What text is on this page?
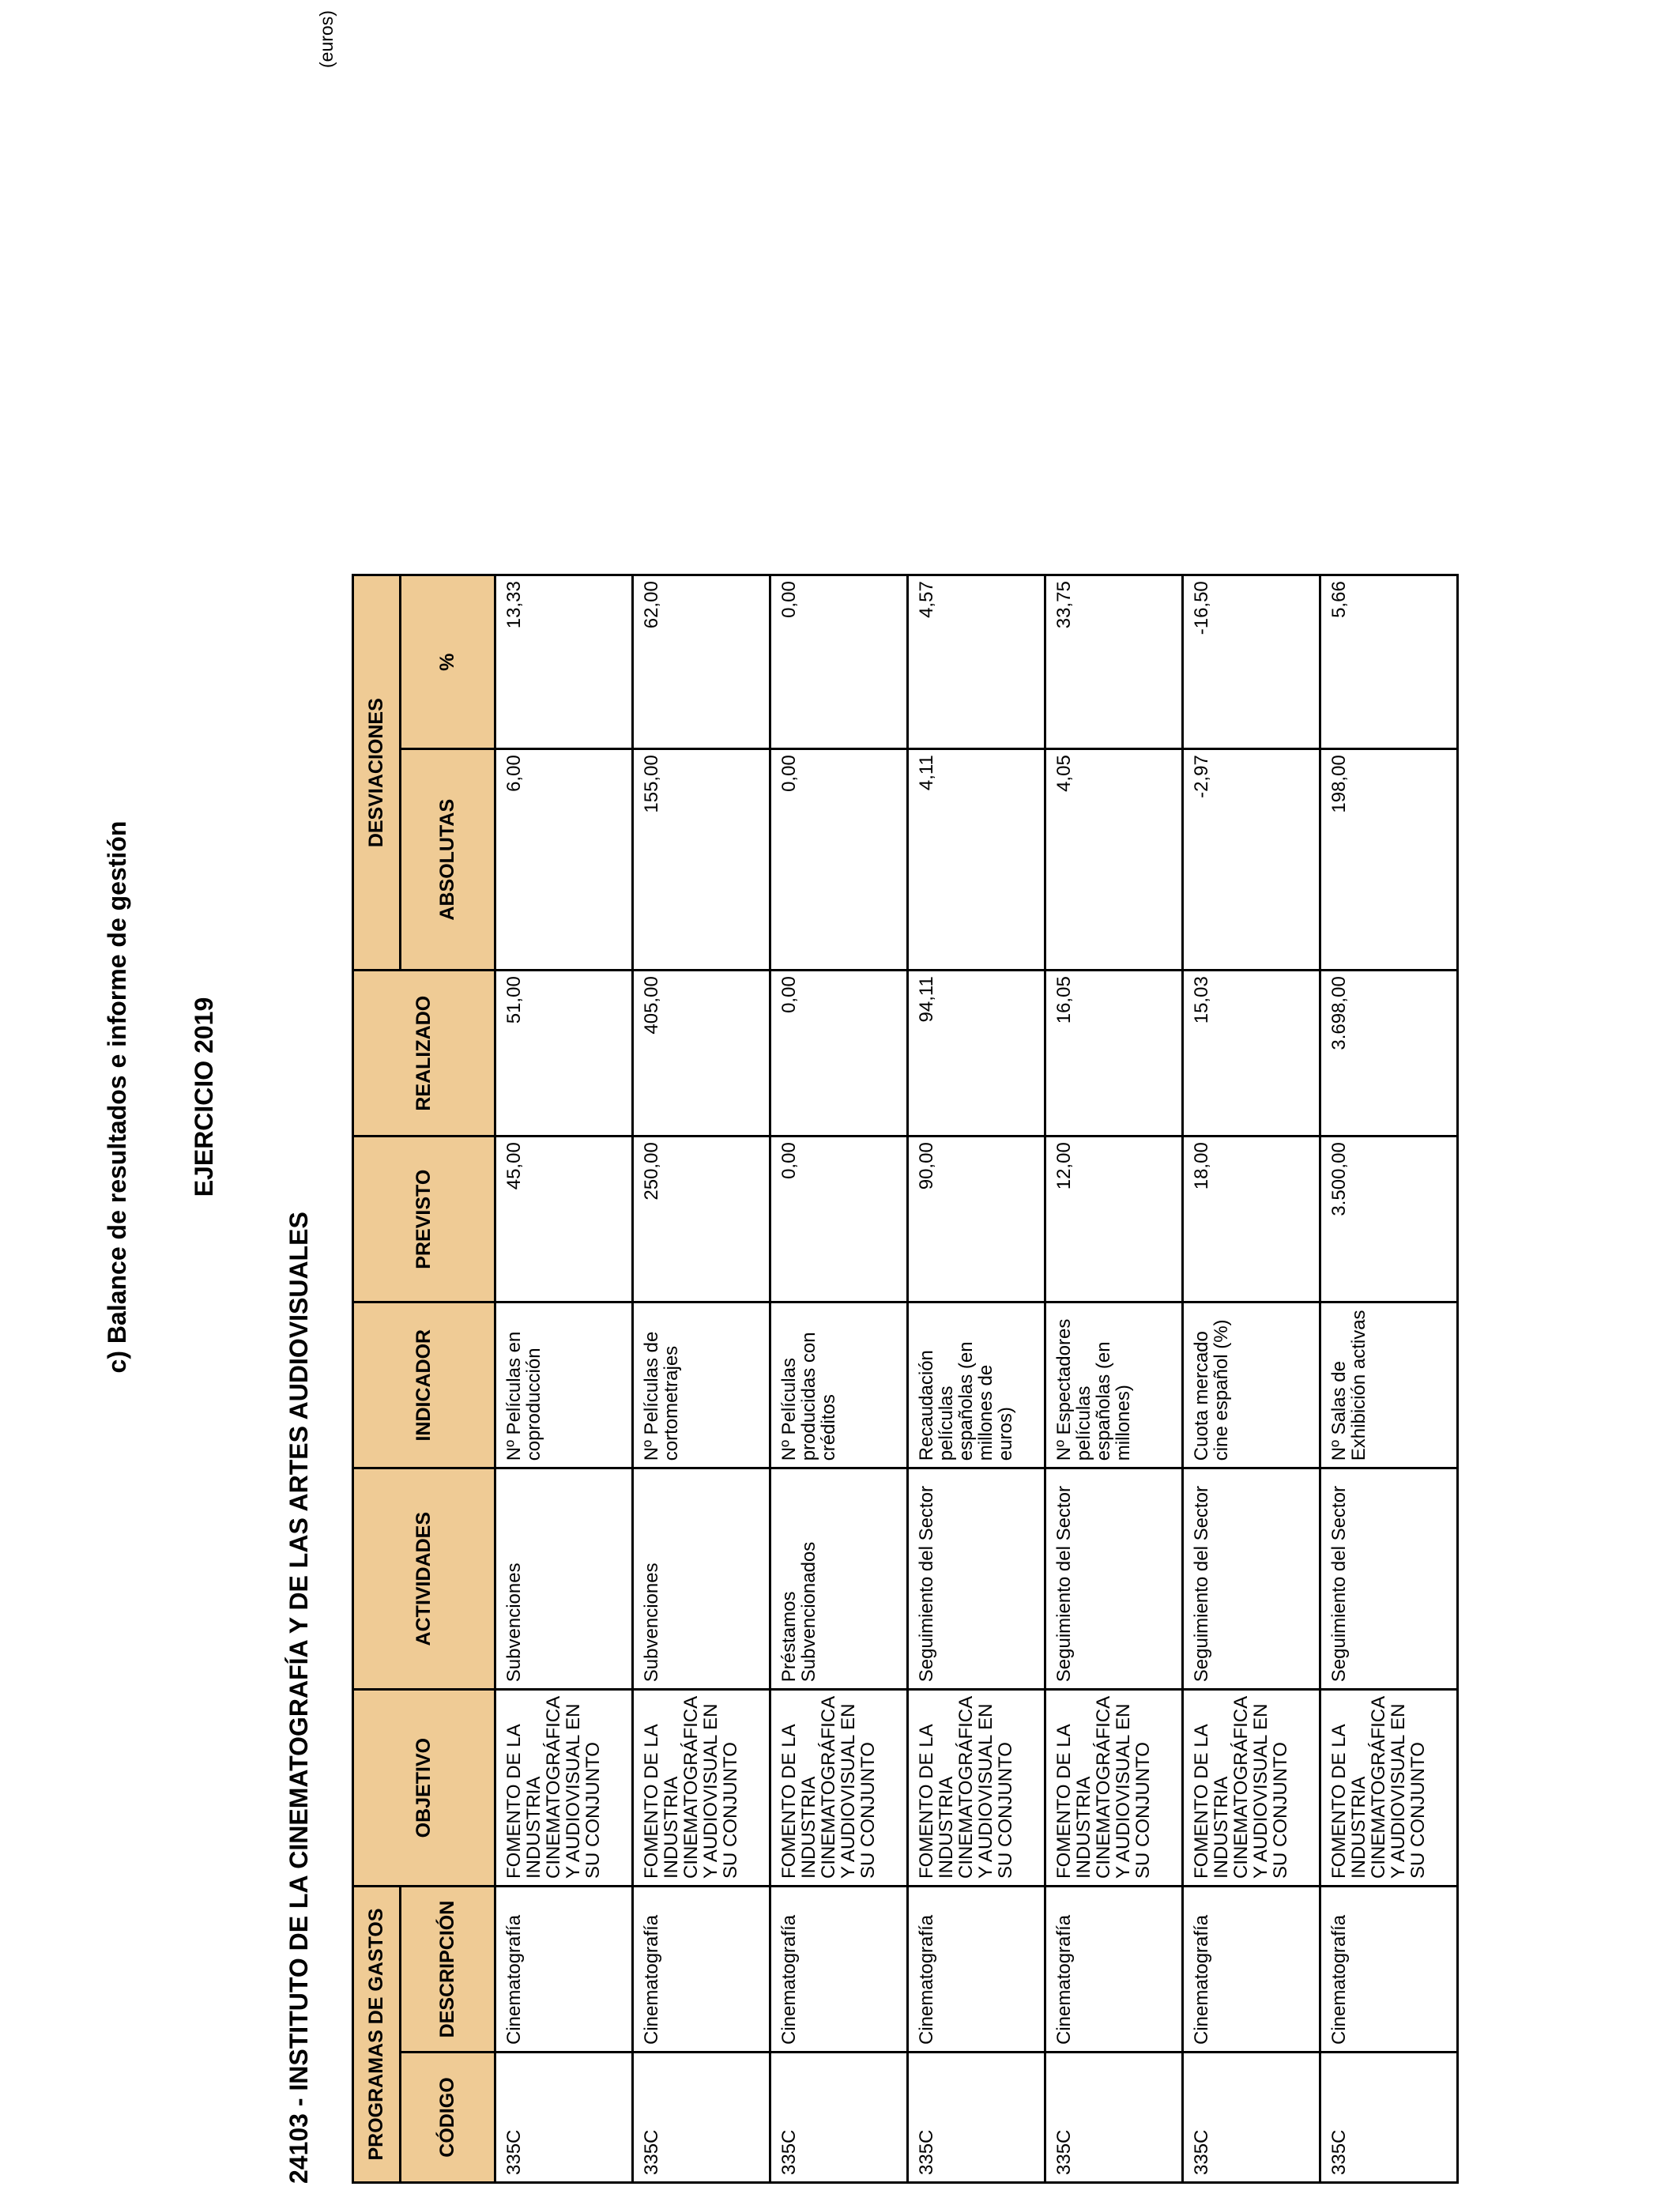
c) Balance de resultados e informe de gestión EJERCICIO 2019
24103 - INSTITUTO DE LA CINEMATOGRAFÍA Y DE LAS ARTES AUDIOVISUALES
(euros)
PROGRAMAS DE GASTOS		OBJETIVO	ACTIVIDADES	INDICADOR	PREVISTO	REALIZADO	DESVIACIONES	
CÓDIGO	DESCRIPCIÓN						ABSOLUTAS	%
335C	Cinematografía	FOMENTO DE LA INDUSTRIA CINEMATOGRÁFICA Y AUDIOVISUAL EN SU CONJUNTO	Subvenciones	Nº Películas en coproducción	45,00	51,00	6,00	13,33
335C	Cinematografía	FOMENTO DE LA INDUSTRIA CINEMATOGRÁFICA Y AUDIOVISUAL EN SU CONJUNTO	Subvenciones	Nº Películas de cortometrajes	250,00	405,00	155,00	62,00
335C	Cinematografía	FOMENTO DE LA INDUSTRIA CINEMATOGRÁFICA Y AUDIOVISUAL EN SU CONJUNTO	Préstamos Subvencionados	Nº Películas producidas con créditos	0,00	0,00	0,00	0,00
335C	Cinematografía	FOMENTO DE LA INDUSTRIA CINEMATOGRÁFICA Y AUDIOVISUAL EN SU CONJUNTO	Seguimiento del Sector	Recaudación películas españolas (en millones de euros)	90,00	94,11	4,11	4,57
335C	Cinematografía	FOMENTO DE LA INDUSTRIA CINEMATOGRÁFICA Y AUDIOVISUAL EN SU CONJUNTO	Seguimiento del Sector	Nº Espectadores películas españolas (en millones)	12,00	16,05	4,05	33,75
335C	Cinematografía	FOMENTO DE LA INDUSTRIA CINEMATOGRÁFICA Y AUDIOVISUAL EN SU CONJUNTO	Seguimiento del Sector	Cuota mercado cine español (%)	18,00	15,03	-2,97	-16,50
335C	Cinematografía	FOMENTO DE LA INDUSTRIA CINEMATOGRÁFICA Y AUDIOVISUAL EN SU CONJUNTO	Seguimiento del Sector	Nº Salas de Exhibición activas	3.500,00	3.698,00	198,00	5,66
